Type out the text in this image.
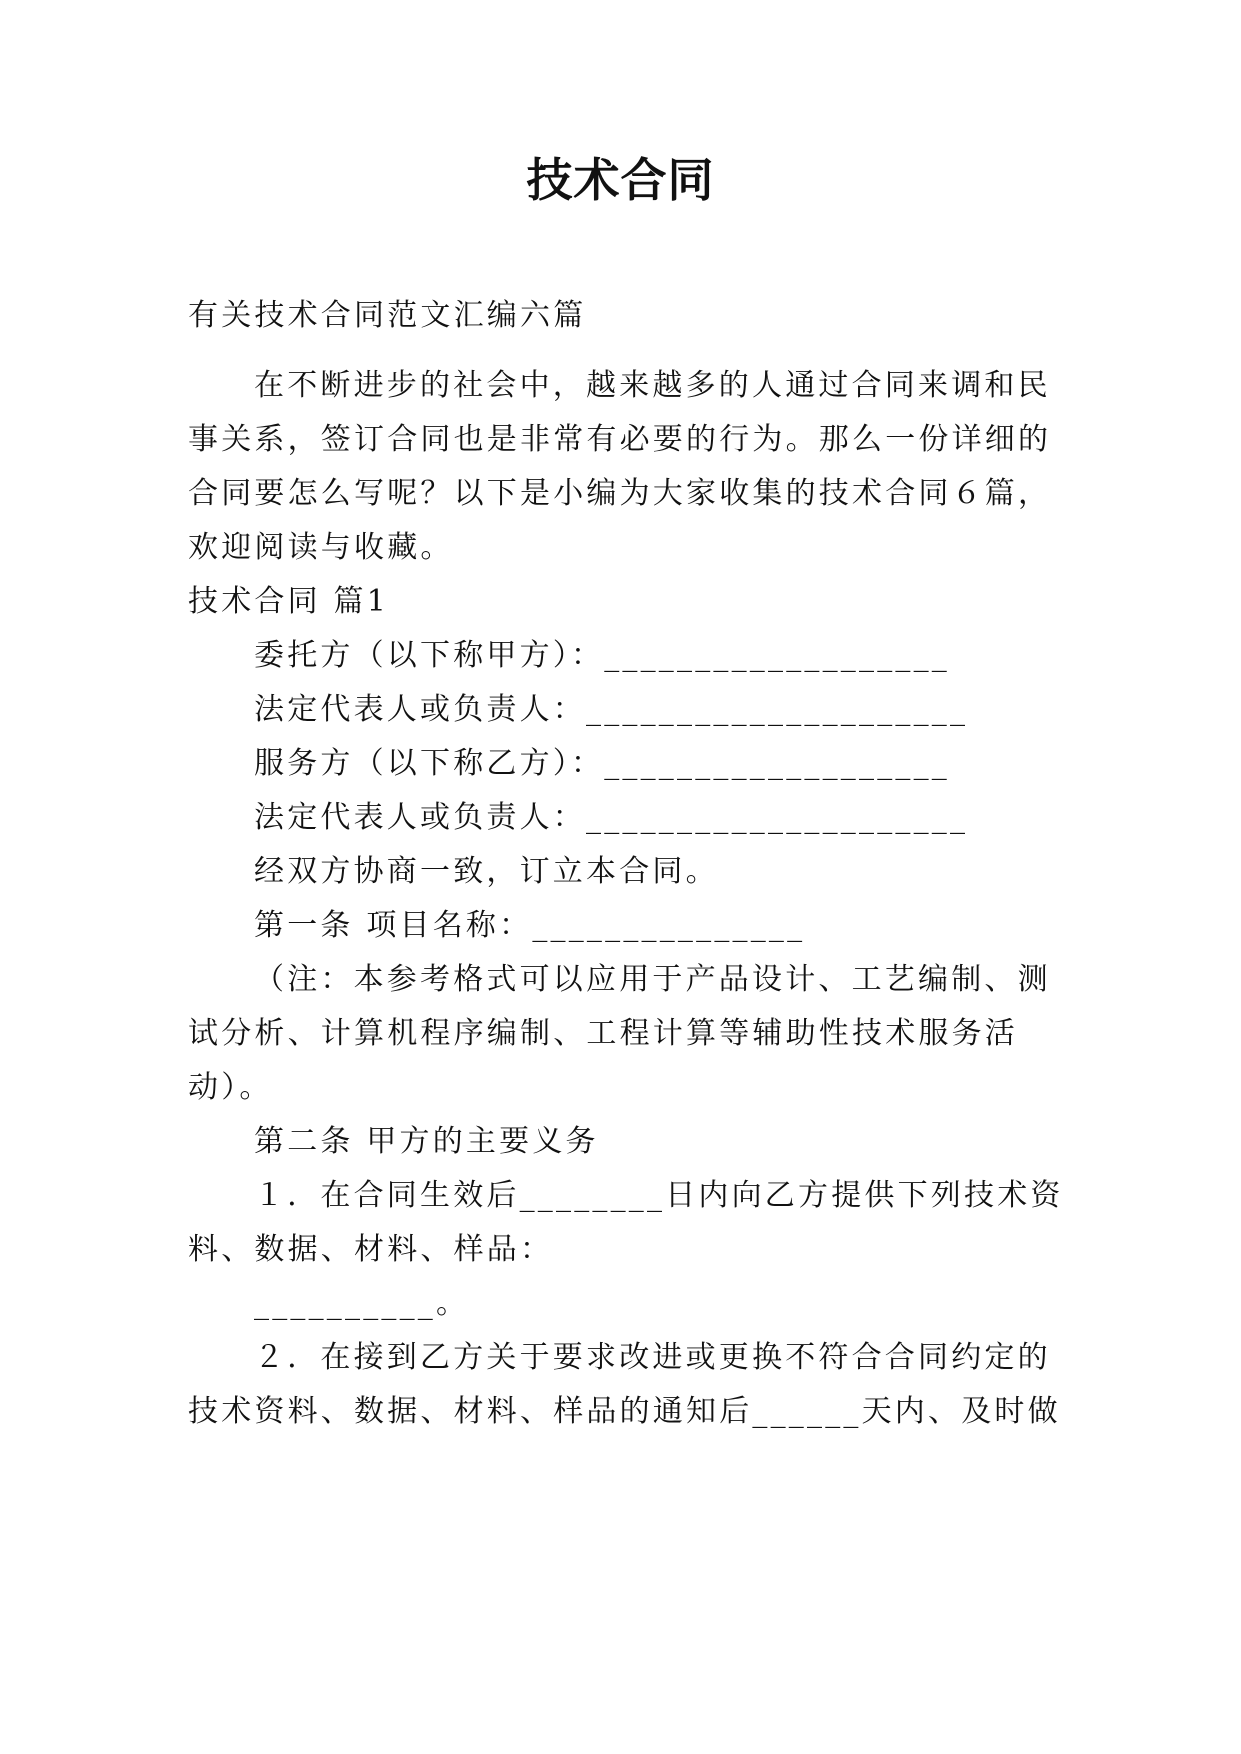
技术合同
有关技术合同范文汇编六篇
在不断进步的社会中，越来越多的人通过合同来调和民
事关系，签订合同也是非常有必要的行为。那么一份详细的
合同要怎么写呢？以下是小编为大家收集的技术合同６篇，
欢迎阅读与收藏。
技术合同 篇1
委托方（以下称甲方）：___________________
法定代表人或负责人：_____________________
服务方（以下称乙方）：___________________
法定代表人或负责人：_____________________
经双方协商一致，订立本合同。
第一条 项目名称：_______________
（注：本参考格式可以应用于产品设计、工艺编制、测
试分析、计算机程序编制、工程计算等辅助性技术服务活
动）。
第二条 甲方的主要义务
１．在合同生效后________日内向乙方提供下列技术资
料、数据、材料、样品：
__________。
２．在接到乙方关于要求改进或更换不符合合同约定的
技术资料、数据、材料、样品的通知后______天内、及时做
